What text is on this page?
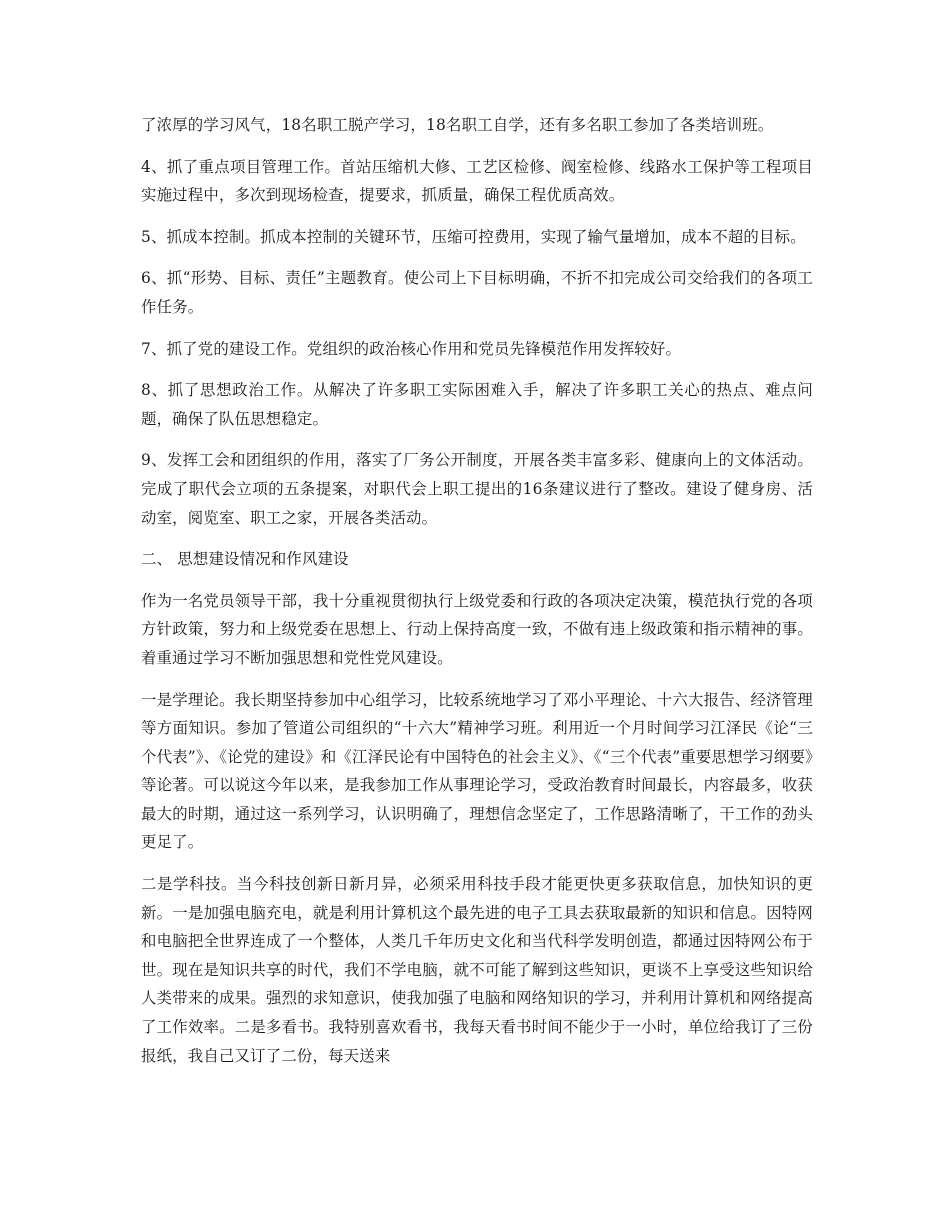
了浓厚的学习风气，18名职工脱产学习，18名职工自学，还有多名职工参加了各类培训班。

4、抓了重点项目管理工作。首站压缩机大修、工艺区检修、阀室检修、线路水工保护等工程项目实施过程中，多次到现场检查，提要求，抓质量，确保工程优质高效。

5、抓成本控制。抓成本控制的关键环节，压缩可控费用，实现了输气量增加，成本不超的目标。

6、抓“形势、目标、责任”主题教育。使公司上下目标明确，不折不扣完成公司交给我们的各项工作任务。

7、抓了党的建设工作。党组织的政治核心作用和党员先锋模范作用发挥较好。

8、抓了思想政治工作。从解决了许多职工实际困难入手，解决了许多职工关心的热点、难点问题，确保了队伍思想稳定。

9、发挥工会和团组织的作用，落实了厂务公开制度，开展各类丰富多彩、健康向上的文体活动。完成了职代会立项的五条提案，对职代会上职工提出的16条建议进行了整改。建设了健身房、活动室，阅览室、职工之家，开展各类活动。

二、 思想建设情况和作风建设

作为一名党员领导干部，我十分重视贯彻执行上级党委和行政的各项决定决策，模范执行党的各项方针政策，努力和上级党委在思想上、行动上保持高度一致，不做有违上级政策和指示精神的事。着重通过学习不断加强思想和党性党风建设。

一是学理论。我长期坚持参加中心组学习，比较系统地学习了邓小平理论、十六大报告、经济管理等方面知识。参加了管道公司组织的“十六大”精神学习班。利用近一个月时间学习江泽民《论“三个代表”》、《论党的建设》和《江泽民论有中国特色的社会主义》、《“三个代表”重要思想学习纲要》等论著。可以说这今年以来，是我参加工作从事理论学习，受政治教育时间最长，内容最多，收获最大的时期，通过这一系列学习，认识明确了，理想信念坚定了，工作思路清晰了，干工作的劲头更足了。

二是学科技。当今科技创新日新月异，必须采用科技手段才能更快更多获取信息，加快知识的更新。一是加强电脑充电，就是利用计算机这个最先进的电子工具去获取最新的知识和信息。因特网和电脑把全世界连成了一个整体，人类几千年历史文化和当代科学发明创造，都通过因特网公布于世。现在是知识共享的时代，我们不学电脑，就不可能了解到这些知识，更谈不上享受这些知识给人类带来的成果。强烈的求知意识，使我加强了电脑和网络知识的学习，并利用计算机和网络提高了工作效率。二是多看书。我特别喜欢看书，我每天看书时间不能少于一小时，单位给我订了三份报纸，我自己又订了二份，每天送来
